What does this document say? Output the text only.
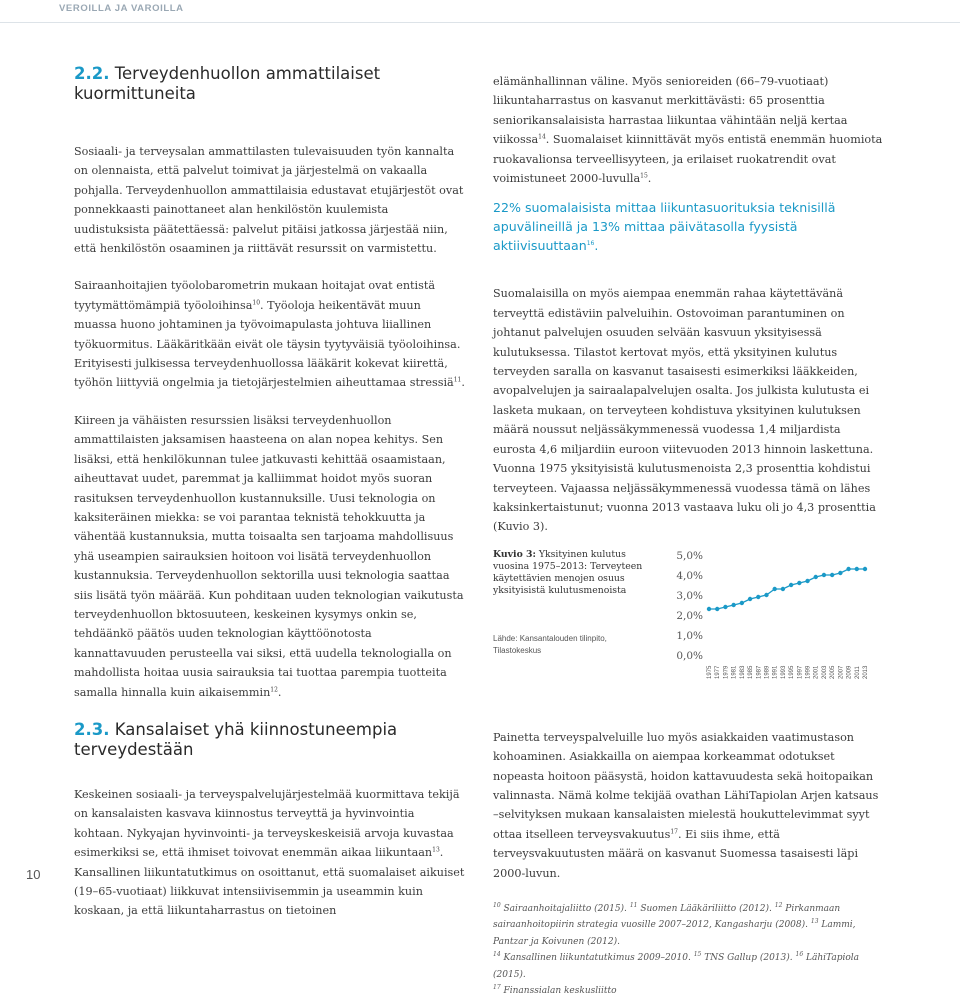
VEROILLA JA VAROILLA
2.2. Terveydenhuollon ammattilaiset kuormittuneita

Sosiaali- ja terveysalan ammattilasten tulevaisuuden työn kannalta on olennaista, että palvelut toimivat ja järjestelmä on vakaalla pohjalla. Terveydenhuollon ammattilaisia edustavat etujärjestöt ovat ponnekkaasti painottaneet alan henkilöstön kuulemista uudistuksista päätettäessä: palvelut pitäisi jatkossa järjestää niin, että henkilöstön osaaminen ja riittävät resurssit on varmistettu.

Sairaanhoitajien työolobarometrin mukaan hoitajat ovat entistä tyytymättömämpiä työoloihinsa$^{10}$. Työoloja heikentävät muun muassa huono johtaminen ja työvoimapulasta johtuva liiallinen työkuormitus. Lääkäritkään eivät ole täysin tyytyväisiä työoloihinsa. Erityisesti julkisessa terveydenhuollossa lääkärit kokevat kiirettä, työhön liittyviä ongelmia ja tietojärjestelmien aiheuttamaa stressiä$^{11}$.

Kiireen ja vähäisten resurssien lisäksi terveydenhuollon ammattilaisten jaksamisen haasteena on alan nopea kehitys. Sen lisäksi, että henkilökunnan tulee jatkuvasti kehittää osaamistaan, aiheuttavat uudet, paremmat ja kalliimmat hoidot myös suoran rasituksen terveydenhuollon kustannuksille. Uusi teknologia on kaksiteräinen miekka: se voi parantaa teknistä tehokkuutta ja vähentää kustannuksia, mutta toisaalta sen tarjoama mahdollisuus yhä useampien sairauksien hoitoon voi lisätä terveydenhuollon kustannuksia. Terveydenhuollon sektorilla uusi teknologia saattaa siis lisätä työn määrää. Kun pohditaan uuden teknologian vaikutusta terveydenhuollon bktosuuteen, keskeinen kysymys onkin se, tehdäänkö päätös uuden teknologian käyttöönotosta kannattavuuden perusteella vai siksi, että uudella teknologialla on mahdollista hoitaa uusia sairauksia tai tuottaa parempia tuotteita samalla hinnalla kuin aikaisemmin$^{12}$.

2.3. Kansalaiset yhä kiinnostuneempia terveydestään

Keskeinen sosiaali- ja terveyspalvelujärjestelmää kuormittava tekijä on kansalaisten kasvava kiinnostus terveyttä ja hyvinvointia kohtaan. Nykyajan hyvinvointi- ja terveyskeskeisiä arvoja kuvastaa esimerkiksi se, että ihmiset toivovat enemmän aikaa liikuntaan$^{13}$. Kansallinen liikuntatutkimus on osoittanut, että suomalaiset aikuiset (19–65-vuotiaat) liikkuvat intensiivisemmin ja useammin kuin koskaan, ja että liikuntaharrastus on tietoinen

elämänhallinnan väline. Myös senioreiden (66–79-vuotiaat) liikuntaharrastus on kasvanut merkittävästi: 65 prosenttia seniorikansalaisista harrastaa liikuntaa vähintään neljä kertaa viikossa$^{14}$. Suomalaiset kiinnittävät myös entistä enemmän huomiota ruokavalionsa terveellisyyteen, ja erilaiset ruokatrendit ovat voimistuneet 2000-luvulla$^{15}$.

22% suomalaisista mittaa liikuntasuorituksia teknisillä apuvälineillä ja 13% mittaa päivätasolla fyysistä aktiivisuuttaan$^{16}$.

Suomalaisilla on myös aiempaa enemmän rahaa käytettävänä terveyttä edistäviin palveluihin. Ostovoiman parantuminen on johtanut palvelujen osuuden selvään kasvuun yksityisessä kulutuksessa. Tilastot kertovat myös, että yksityinen kulutus terveyden saralla on kasvanut tasaisesti esimerkiksi lääkkeiden, avopalvelujen ja sairaalapalvelujen osalta. Jos julkista kulutusta ei lasketa mukaan, on terveyteen kohdistuva yksityinen kulutuksen määrä noussut neljässäkymmenessä vuodessa 1,4 miljardista eurosta 4,6 miljardiin euroon viitevuoden 2013 hinnoin laskettuna. Vuonna 1975 yksityisistä kulutusmenoista 2,3 prosenttia kohdistui terveyteen. Vajaassa neljässäkymmenessä vuodessa tämä on lähes kaksinkertaistunut; vuonna 2013 vastaava luku oli jo 4,3 prosenttia (Kuvio 3).

Kuvio 3: Yksityinen kulutus vuosina 1975–2013: Terveyteen käytettävien menojen osuus yksityisistä kulutusmenoista
Lähde: Kansantalouden tilinpito, Tilastokeskus	0,0%
1,0%
2,0%
3,0%
4,0%
5,0%
1975 1977 1979 1981 1983 1985 1987 1989 1991 1993 1995 1997 1999 2001 2003 2005 2007 2009 2011 2013

Painetta terveyspalveluille luo myös asiakkaiden vaatimustason kohoaminen. Asiakkailla on aiempaa korkeammat odotukset nopeasta hoitoon pääsystä, hoidon kattavuudesta sekä hoitopaikan valinnasta. Nämä kolme tekijää ovathan LähiTapiolan Arjen katsaus –selvityksen mukaan kansalaisten mielestä houkuttelevimmat syyt ottaa itselleen terveysvakuutus$^{17}$. Ei siis ihme, että terveysvakuutusten määrä on kasvanut Suomessa tasaisesti läpi 2000-luvun.

$^{10}$ Sairaanhoitajaliitto (2015). $^{11}$ Suomen Lääkäriliitto (2012). $^{12}$ Pirkanmaan sairaanhoitopiirin strategia vuosille 2007–2012, Kangasharju (2008). $^{13}$ Lammi, Pantzar ja Koivunen (2012).
$^{14}$ Kansallinen liikuntatutkimus 2009–2010. $^{15}$ TNS Gallup (2013). $^{16}$ LähiTapiola (2015).
$^{17}$ Finanssialan keskusliitto
10
